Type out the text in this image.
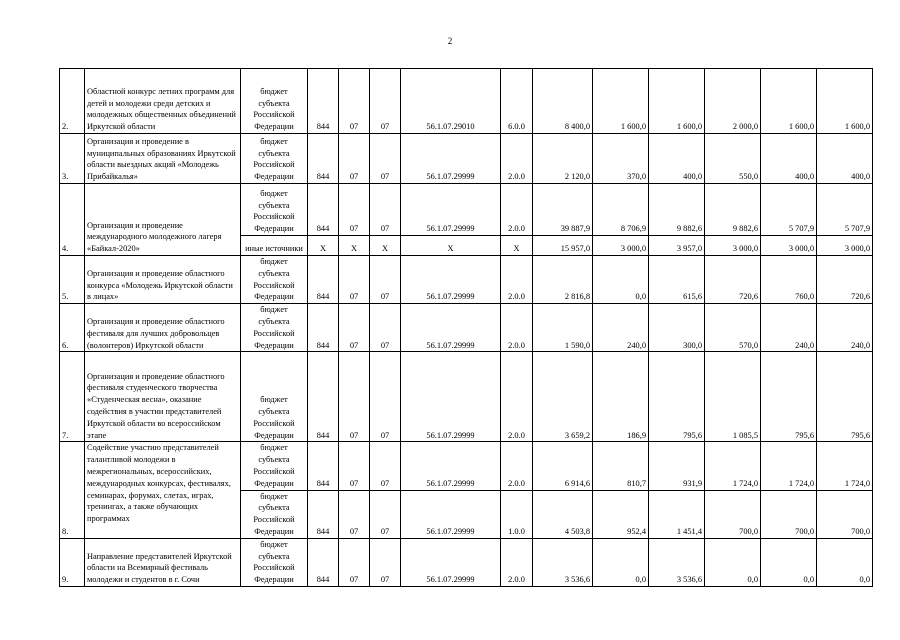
2
2.	Областной конкурс летних программ для детей и молодежи среди детских и молодежных общественных объединений Иркутской области	бюджет
субъекта
Российской
Федерации	844	07	07	56.1.07.29010	6.0.0	8 400,0	1 600,0	1 600,0	2 000,0	1 600,0	1 600,0
3.	Организация и проведение в муниципальных образованиях Иркутской области выездных акций «Молодежь Прибайкалья»	бюджет
субъекта
Российской
Федерации	844	07	07	56.1.07.29999	2.0.0	2 120,0	370,0	400,0	550,0	400,0	400,0
4.	Организация и проведение международного молодежного лагеря «Байкал-2020»	бюджет
субъекта
Российской
Федерации	844	07	07	56.1.07.29999	2.0.0	39 887,9	8 706,9	9 882,6	9 882,6	5 707,9	5 707,9

		иные источники	Х	Х	Х	Х	Х	15 957,0	3 000,0	3 957,0	3 000,0	3 000,0	3 000,0
5.	Организация и проведение областного конкурса «Молодежь Иркутской области в лицах»	бюджет
субъекта
Российской
Федерации	844	07	07	56.1.07.29999	2.0.0	2 816,8	0,0	615,6	720,6	760,0	720,6
6.	Организация и проведение областного фестиваля для лучших добровольцев (волонтеров) Иркутской области	бюджет
субъекта
Российской
Федерации	844	07	07	56.1.07.29999	2.0.0	1 590,0	240,0	300,0	570,0	240,0	240,0
7.	Организация и проведение областного фестиваля студенческого творчества «Студенческая весна», оказание содействия в участии представителей Иркутской области во всероссийском этапе	бюджет
субъекта
Российской
Федерации	844	07	07	56.1.07.29999	2.0.0	3 659,2	186,9	795,6	1 085,5	795,6	795,6
8.	Содействие участию представителей талантливой молодежи в межрегиональных, всероссийских, международных конкурсах, фестивалях, семинарах, форумах, слетах, играх, тренингах, а также обучающих программах	бюджет
субъекта
Российской
Федерации	844	07	07	56.1.07.29999	2.0.0	6 914,6	810,7	931,9	1 724,0	1 724,0	1 724,0

		бюджет
субъекта
Российской
Федерации	844	07	07	56.1.07.29999	1.0.0	4 503,8	952,4	1 451,4	700,0	700,0	700,0
9.	Направление представителей Иркутской области на Всемирный фестиваль молодежи и студентов в г. Сочи	бюджет
субъекта
Российской
Федерации	844	07	07	56.1.07.29999	2.0.0	3 536,6	0,0	3 536,6	0,0	0,0	0,0
